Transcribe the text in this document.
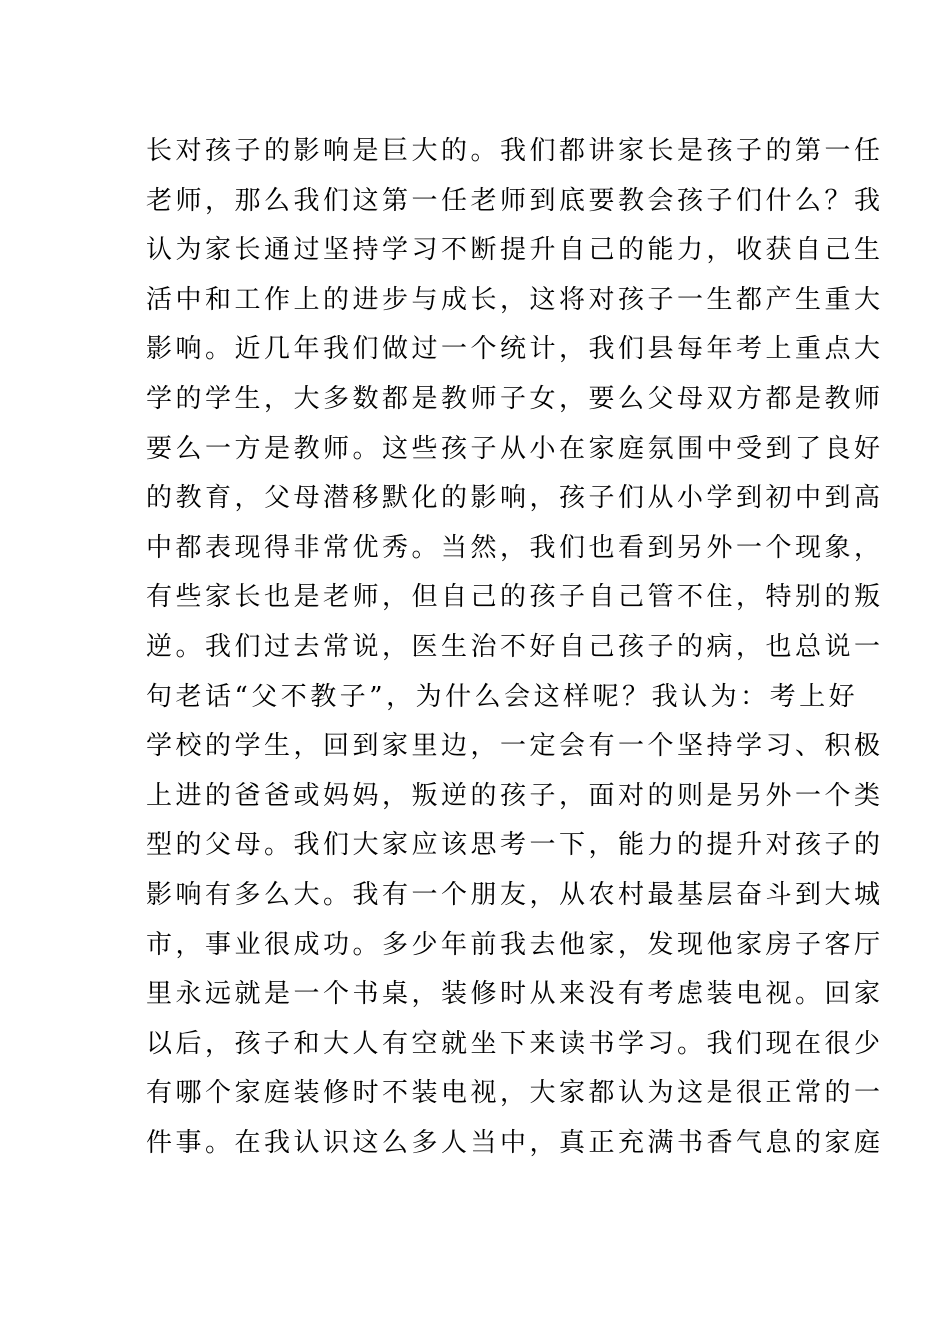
长对孩子的影响是巨大的。我们都讲家长是孩子的第一任
老师，那么我们这第一任老师到底要教会孩子们什么？我
认为家长通过坚持学习不断提升自己的能力，收获自己生
活中和工作上的进步与成长，这将对孩子一生都产生重大
影响。近几年我们做过一个统计，我们县每年考上重点大
学的学生，大多数都是教师子女，要么父母双方都是教师
要么一方是教师。这些孩子从小在家庭氛围中受到了良好
的教育，父母潜移默化的影响，孩子们从小学到初中到高
中都表现得非常优秀。当然，我们也看到另外一个现象，
有些家长也是老师，但自己的孩子自己管不住，特别的叛
逆。我们过去常说，医生治不好自己孩子的病，也总说一
句老话“父不教子”，为什么会这样呢？我认为：考上好
学校的学生，回到家里边，一定会有一个坚持学习、积极
上进的爸爸或妈妈，叛逆的孩子，面对的则是另外一个类
型的父母。我们大家应该思考一下，能力的提升对孩子的
影响有多么大。我有一个朋友，从农村最基层奋斗到大城
市，事业很成功。多少年前我去他家，发现他家房子客厅
里永远就是一个书桌，装修时从来没有考虑装电视。回家
以后，孩子和大人有空就坐下来读书学习。我们现在很少
有哪个家庭装修时不装电视，大家都认为这是很正常的一
件事。在我认识这么多人当中，真正充满书香气息的家庭
